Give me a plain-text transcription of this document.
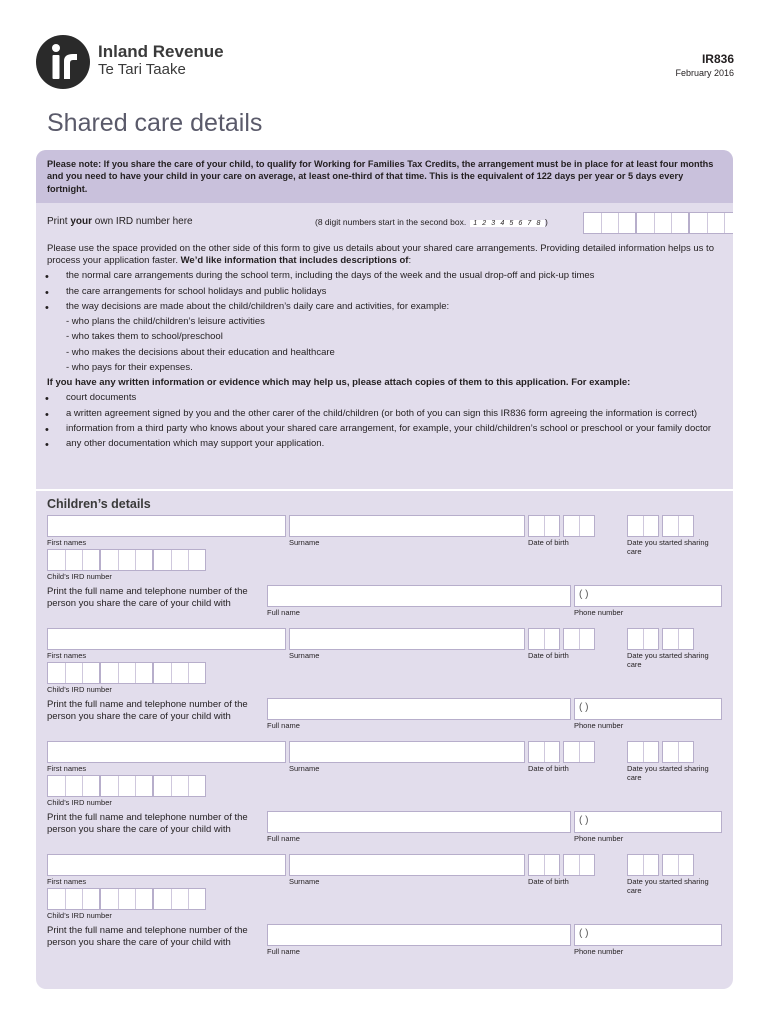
Inland Revenue
Te Tari Taake
IR836
February 2016
Shared care details
Please note: If you share the care of your child, to qualify for Working for Families Tax Credits, the arrangement must be in place for at least four months and you need to have your child in your care on average, at least one-third of that time. This is the equivalent of 122 days per year or 5 days every fortnight.
Print your own IRD number here	(8 digit numbers start in the second box. 1 2 3 4 5 6 7 8 )
Please use the space provided on the other side of this form to give us details about your shared care arrangements. Providing detailed information helps us to process your application faster. We’d like information that includes descriptions of:
• the normal care arrangements during the school term, including the days of the week and the usual drop-off and pick-up times
• the care arrangements for school holidays and public holidays
• the way decisions are made about the child/children’s daily care and activities, for example:
- who plans the child/children’s leisure activities
- who takes them to school/preschool
- who makes the decisions about their education and healthcare
- who pays for their expenses.
If you have any written information or evidence which may help us, please attach copies of them to this application. For example:
• court documents
• a written agreement signed by you and the other carer of the child/children (or both of you can sign this IR836 form agreeing the information is correct)
• information from a third party who knows about your shared care arrangement, for example, your child/children’s school or preschool or your family doctor
• any other documentation which may support your application.
Children’s details
First names	Surname	Date of birth	Date you started sharing care
Child’s IRD number
Print the full name and telephone number of the person you share the care of your child with
( )
Full name	Phone number
First names	Surname	Date of birth	Date you started sharing care
Child’s IRD number
Print the full name and telephone number of the person you share the care of your child with
( )
Full name	Phone number
First names	Surname	Date of birth	Date you started sharing care
Child’s IRD number
Print the full name and telephone number of the person you share the care of your child with
( )
Full name	Phone number
First names	Surname	Date of birth	Date you started sharing care
Child’s IRD number
Print the full name and telephone number of the person you share the care of your child with
( )
Full name	Phone number
